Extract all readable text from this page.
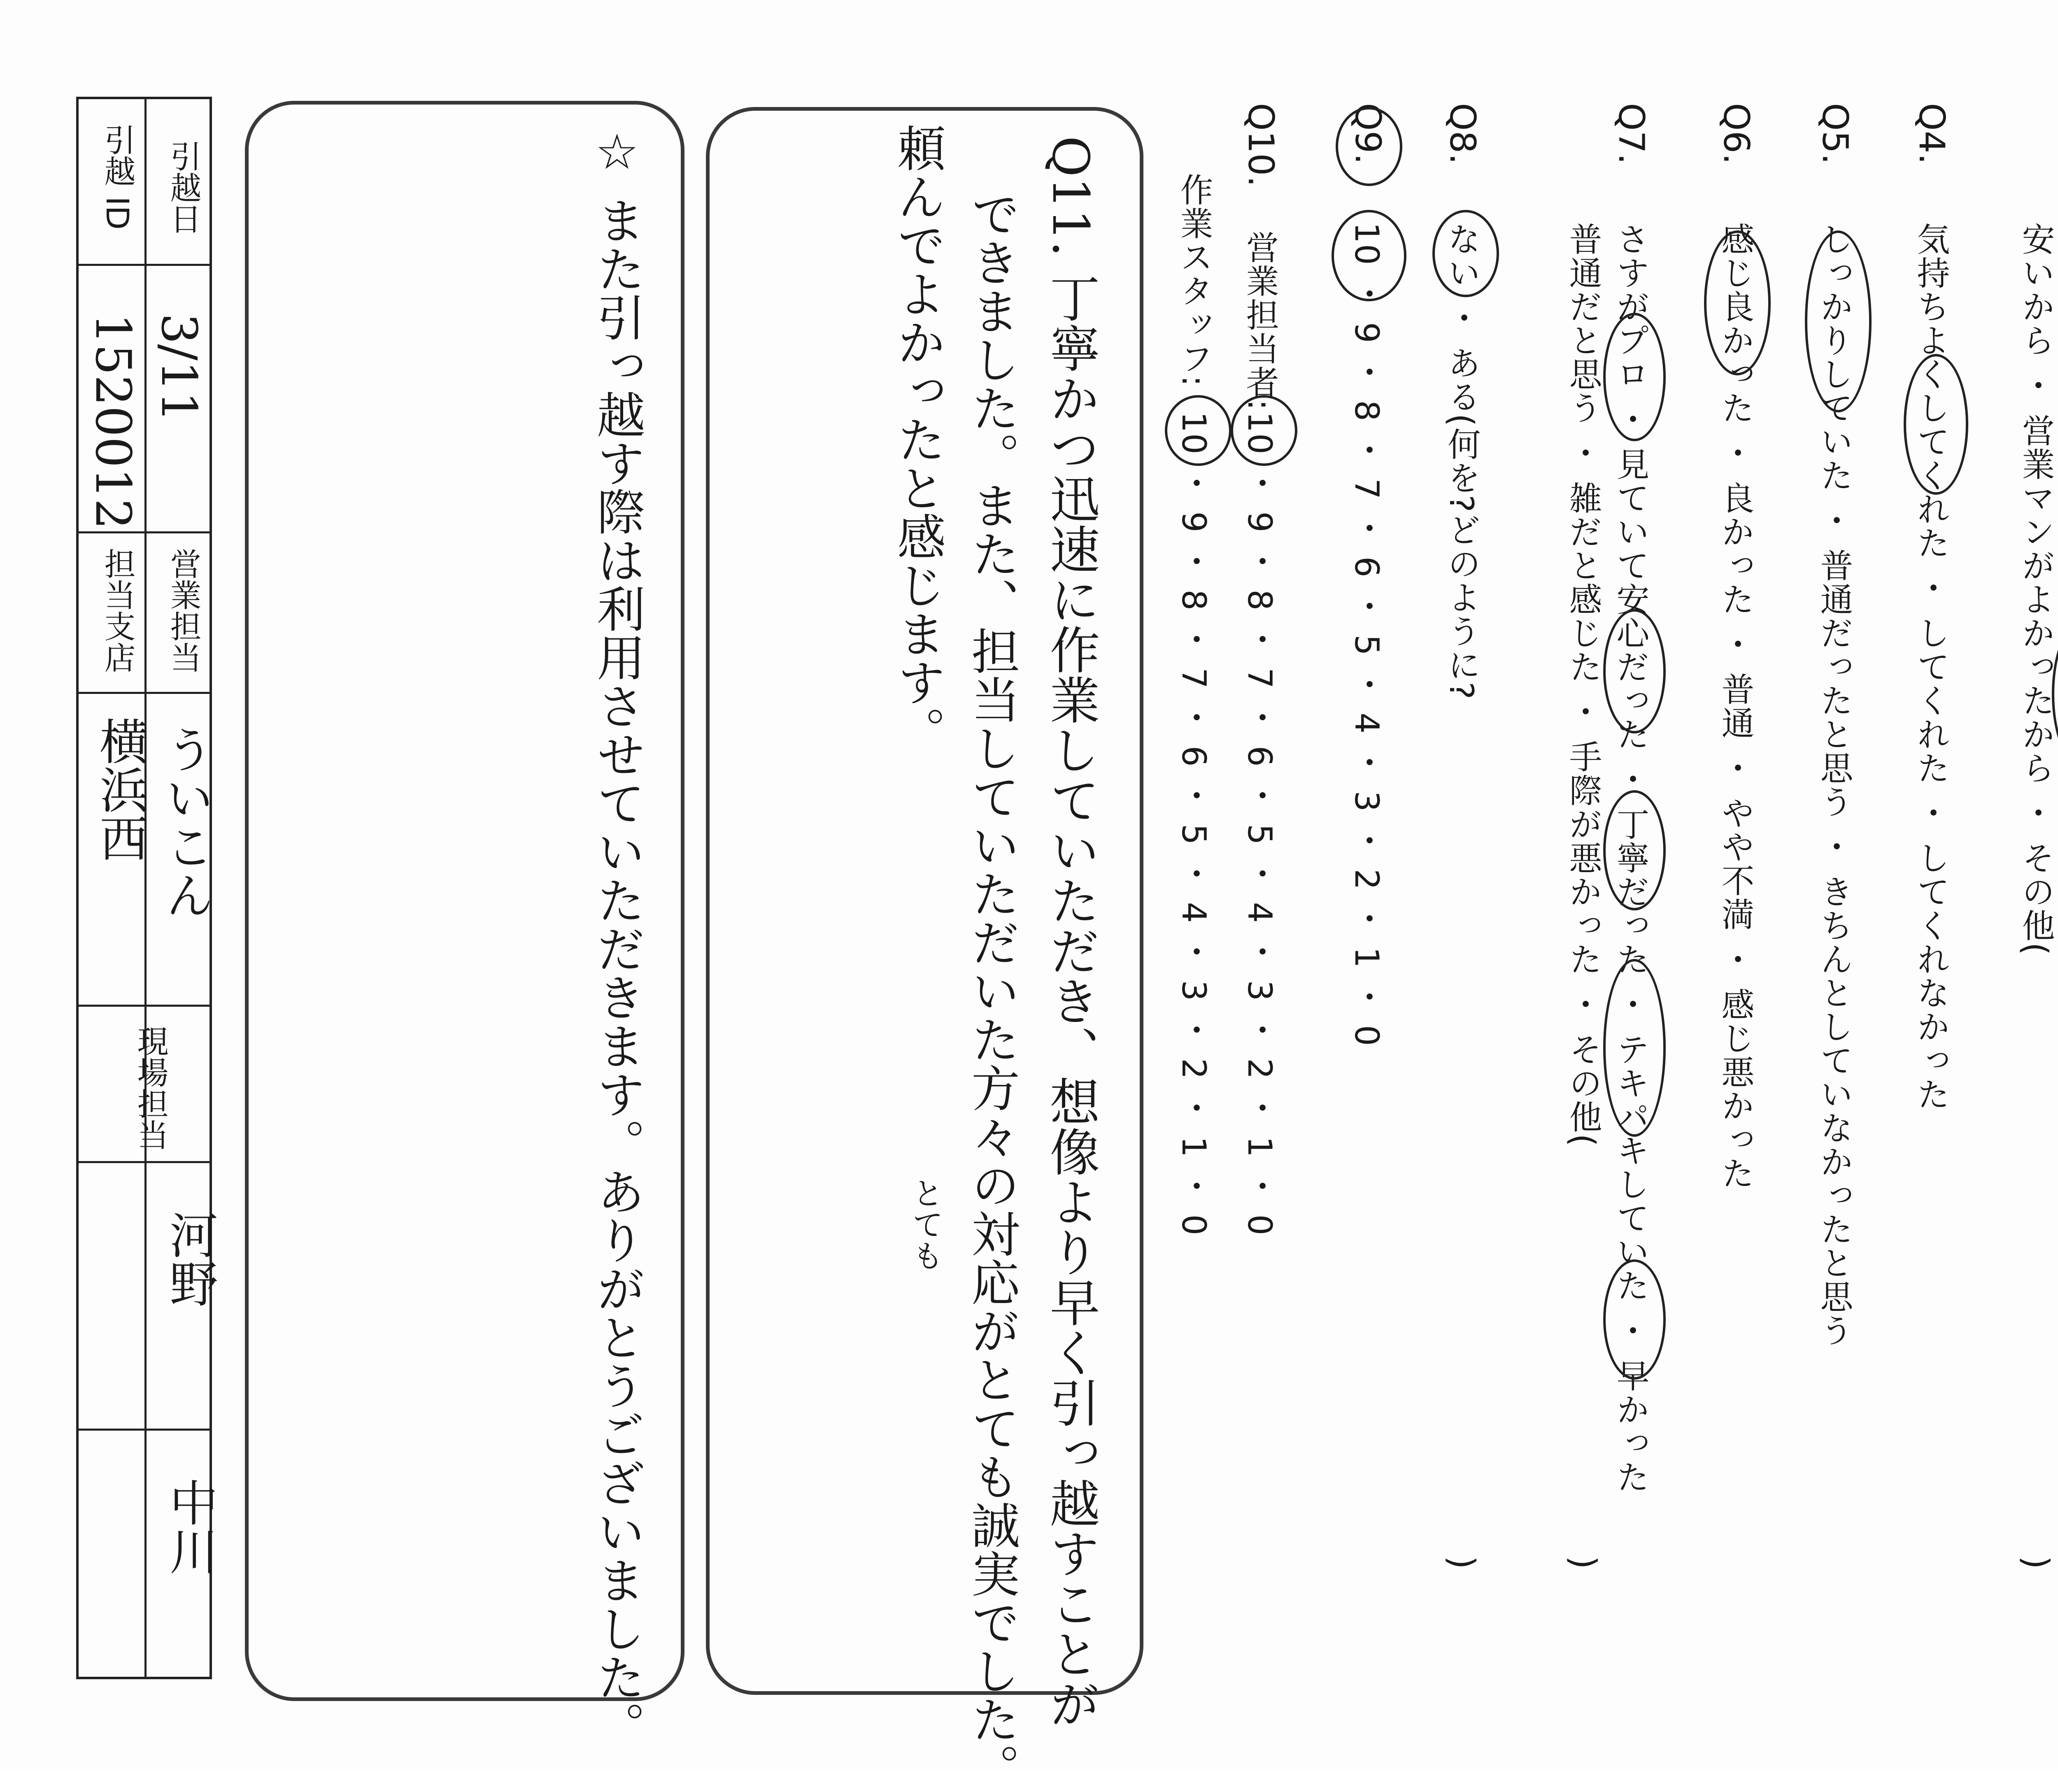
安いから ・ 営業マンがよかったから ・ その他(
)
Q4.
気持ちよくしてくれた ・ してくれた ・ してくれなかった
Q5.
しっかりしていた ・ 普通だったと思う ・ きちんとしていなかったと思う
Q6.
感じ良かった ・ 良かった ・ 普通 ・ やや不満 ・ 感じ悪かった
Q7.
さすがプロ ・ 見ていて安心だった ・ 丁寧だった ・ テキパキしていた ・ 早かった
普通だと思う ・ 雑だと感じた ・ 手際が悪かった ・ その他(
)
Q8.
ない ・ ある(何を?どのように?
)
Q9.
10 ・ 9 ・ 8 ・ 7 ・ 6 ・ 5 ・ 4 ・ 3 ・ 2 ・ 1 ・ 0
Q10.
営業担当者:
10 ・ 9 ・ 8 ・ 7 ・ 6 ・ 5 ・ 4 ・ 3 ・ 2 ・ 1 ・ 0
作業スタッフ:
10 ・ 9 ・ 8 ・ 7 ・ 6 ・ 5 ・ 4 ・ 3 ・ 2 ・ 1 ・ 0
Q11. 丁寧かつ迅速に作業していただき、想像より早く引っ越すことが
できました。また、担当していただいた方々の対応がとても誠実でした。
頼んでよかったと感じます。
とても
☆ また引っ越す際は利用させていただきます。ありがとうございました。
引越日
3/11
営業担当
ういこん
現場担当
河野
中川
引越 ID
1520012
担当支店
横浜西
